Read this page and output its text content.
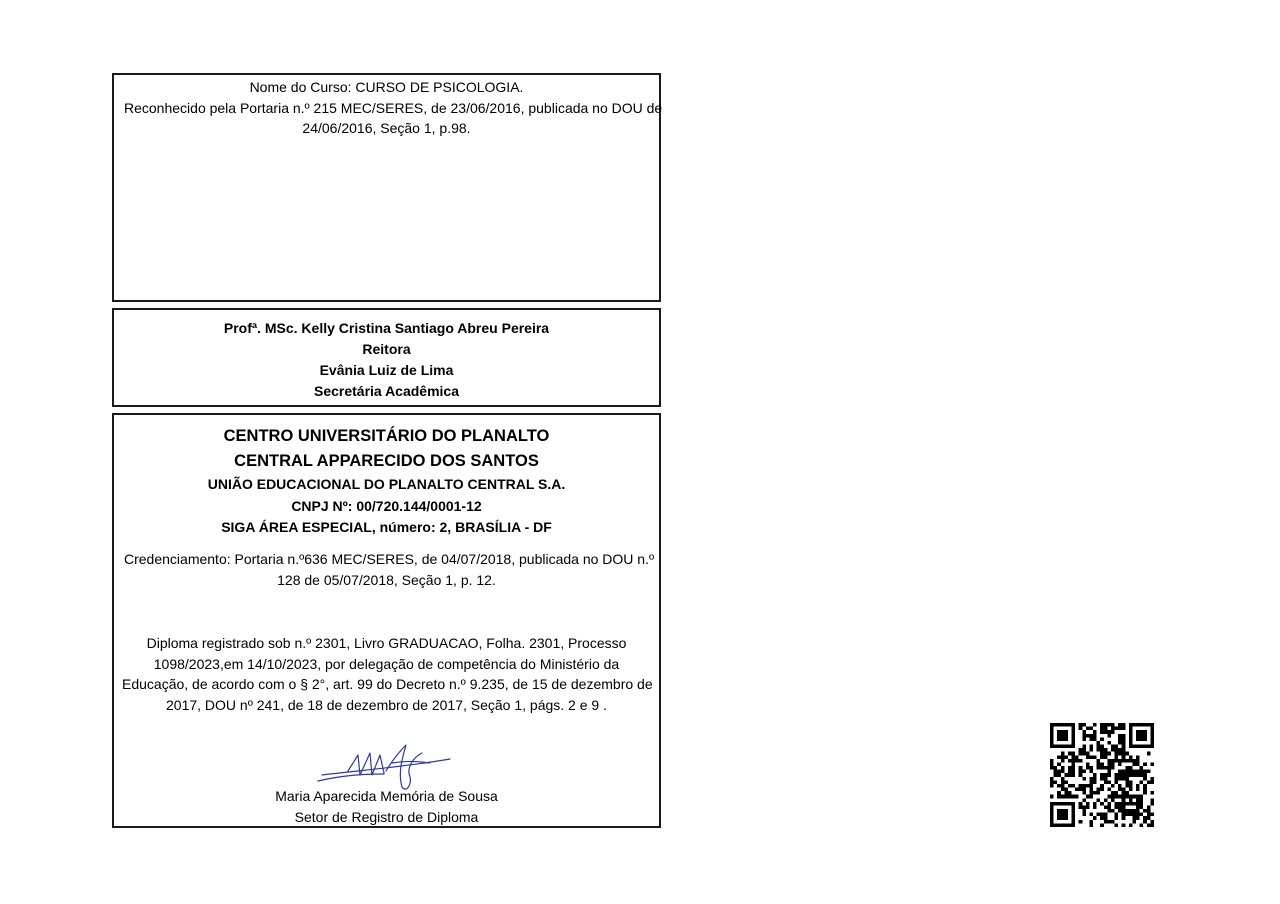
Nome do Curso: CURSO DE PSICOLOGIA.
Reconhecido pela Portaria n.º 215 MEC/SERES, de 23/06/2016, publicada no DOU de
24/06/2016, Seção 1, p.98.
Profª. MSc. Kelly Cristina Santiago Abreu Pereira
Reitora
Evânia Luiz de Lima
Secretária Acadêmica
CENTRO UNIVERSITÁRIO DO PLANALTO
CENTRAL APPARECIDO DOS SANTOS
UNIÃO EDUCACIONAL DO PLANALTO CENTRAL S.A.
CNPJ Nº: 00/720.144/0001-12
SIGA ÁREA ESPECIAL, número: 2, BRASÍLIA - DF
Credenciamento: Portaria n.º636 MEC/SERES, de 04/07/2018, publicada no DOU n.º
128 de 05/07/2018, Seção 1, p. 12.
Diploma registrado sob n.º 2301, Livro GRADUACAO, Folha. 2301, Processo
1098/2023,em 14/10/2023, por delegação de competência do Ministério da
Educação, de acordo com o § 2°, art. 99 do Decreto n.º 9.235, de 15 de dezembro de
2017, DOU nº 241, de 18 de dezembro de 2017, Seção 1, págs. 2 e 9 .
Maria Aparecida Memória de Sousa
Setor de Registro de Diploma
